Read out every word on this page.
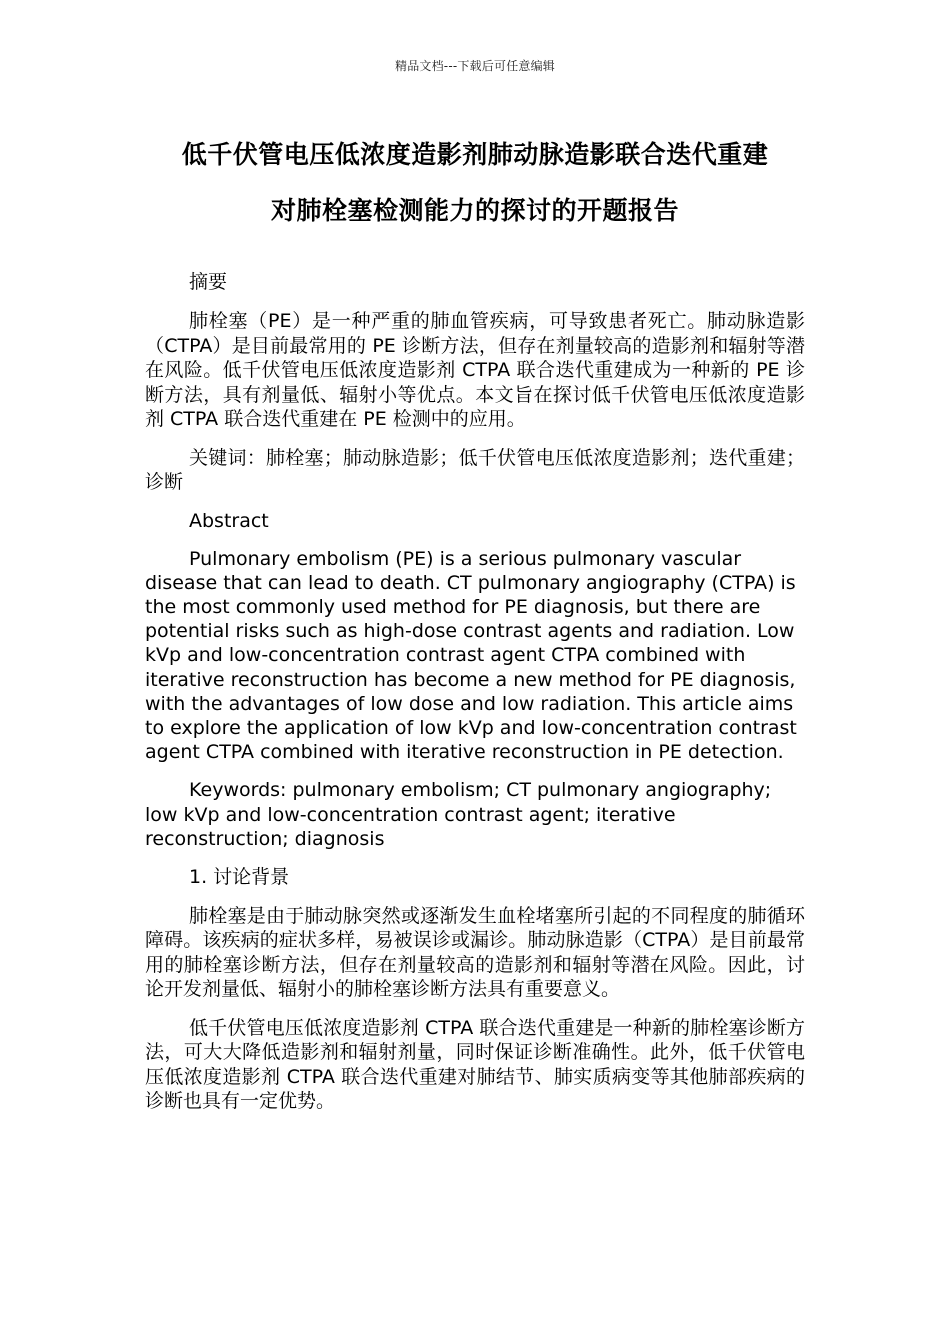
精品文档---下载后可任意编辑
低千伏管电压低浓度造影剂肺动脉造影联合迭代重建
对肺栓塞检测能力的探讨的开题报告

摘要

肺栓塞（PE）是一种严重的肺血管疾病，可导致患者死亡。肺动脉造影（CTPA）是目前最常用的 PE 诊断方法，但存在剂量较高的造影剂和辐射等潜在风险。低千伏管电压低浓度造影剂 CTPA 联合迭代重建成为一种新的 PE 诊断方法，具有剂量低、辐射小等优点。本文旨在探讨低千伏管电压低浓度造影剂 CTPA 联合迭代重建在 PE 检测中的应用。

关键词：肺栓塞；肺动脉造影；低千伏管电压低浓度造影剂；迭代重建；诊断

Abstract

Pulmonary embolism (PE) is a serious pulmonary vascular disease that can lead to death. CT pulmonary angiography (CTPA) is the most commonly used method for PE diagnosis, but there are potential risks such as high-dose contrast agents and radiation. Low kVp and low-concentration contrast agent CTPA combined with iterative reconstruction has become a new method for PE diagnosis, with the advantages of low dose and low radiation. This article aims to explore the application of low kVp and low-concentration contrast agent CTPA combined with iterative reconstruction in PE detection.

Keywords: pulmonary embolism; CT pulmonary angiography; low kVp and low-concentration contrast agent; iterative reconstruction; diagnosis

1. 讨论背景

肺栓塞是由于肺动脉突然或逐渐发生血栓堵塞所引起的不同程度的肺循环障碍。该疾病的症状多样，易被误诊或漏诊。肺动脉造影（CTPA）是目前最常用的肺栓塞诊断方法，但存在剂量较高的造影剂和辐射等潜在风险。因此，讨论开发剂量低、辐射小的肺栓塞诊断方法具有重要意义。

低千伏管电压低浓度造影剂 CTPA 联合迭代重建是一种新的肺栓塞诊断方法，可大大降低造影剂和辐射剂量，同时保证诊断准确性。此外，低千伏管电压低浓度造影剂 CTPA 联合迭代重建对肺结节、肺实质病变等其他肺部疾病的诊断也具有一定优势。
